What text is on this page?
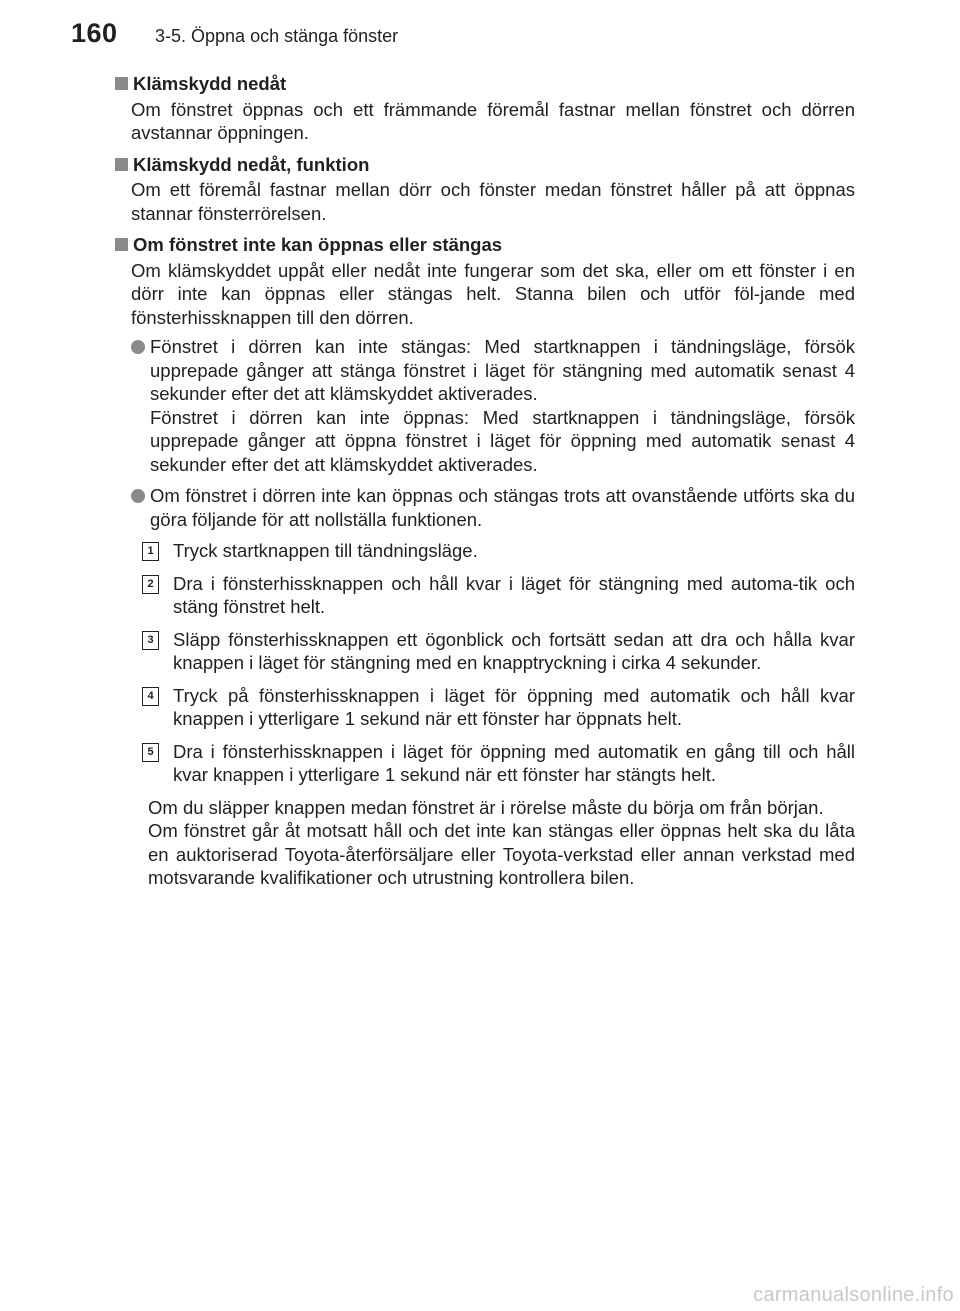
160	3-5. Öppna och stänga fönster
Klämskydd nedåt
Om fönstret öppnas och ett främmande föremål fastnar mellan fönstret och dörren avstannar öppningen.
Klämskydd nedåt, funktion
Om ett föremål fastnar mellan dörr och fönster medan fönstret håller på att öppnas stannar fönsterrörelsen.
Om fönstret inte kan öppnas eller stängas
Om klämskyddet uppåt eller nedåt inte fungerar som det ska, eller om ett fönster i en dörr inte kan öppnas eller stängas helt. Stanna bilen och utför föl-jande med fönsterhissknappen till den dörren.

Fönstret i dörren kan inte stängas: Med startknappen i tändningsläge, försök upprepade gånger att stänga fönstret i läget för stängning med automatik senast 4 sekunder efter det att klämskyddet aktiverades.

Fönstret i dörren kan inte öppnas: Med startknappen i tändningsläge, försök upprepade gånger att öppna fönstret i läget för öppning med automatik senast 4 sekunder efter det att klämskyddet aktiverades.

Om fönstret i dörren inte kan öppnas och stängas trots att ovanstående utförts ska du göra följande för att nollställa funktionen.

1 Tryck startknappen till tändningsläge.
2 Dra i fönsterhissknappen och håll kvar i läget för stängning med automa-tik och stäng fönstret helt.
3 Släpp fönsterhissknappen ett ögonblick och fortsätt sedan att dra och hålla kvar knappen i läget för stängning med en knapptryckning i cirka 4 sekunder.
4 Tryck på fönsterhissknappen i läget för öppning med automatik och håll kvar knappen i ytterligare 1 sekund när ett fönster har öppnats helt.
5 Dra i fönsterhissknappen i läget för öppning med automatik en gång till och håll kvar knappen i ytterligare 1 sekund när ett fönster har stängts helt.

Om du släpper knappen medan fönstret är i rörelse måste du börja om från början.

Om fönstret går åt motsatt håll och det inte kan stängas eller öppnas helt ska du låta en auktoriserad Toyota-återförsäljare eller Toyota-verkstad eller annan verkstad med motsvarande kvalifikationer och utrustning kontrollera bilen.

carmanualsonline.info
